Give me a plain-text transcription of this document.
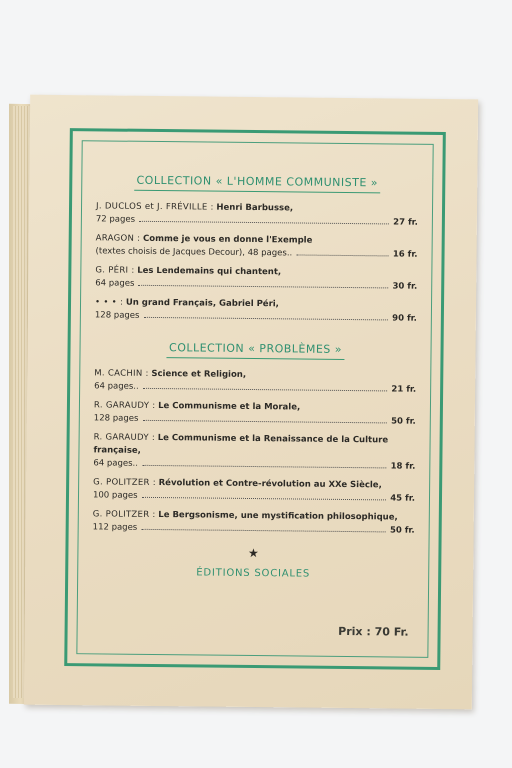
COLLECTION « L'HOMME COMMUNISTE »
J. DUCLOS et J. FRÉVILLE : Henri Barbusse,
72 pages	27 fr.
ARAGON : Comme je vous en donne l'Exemple
(textes choisis de Jacques Decour), 48 pages..	16 fr.
G. PÉRI : Les Lendemains qui chantent,
64 pages	30 fr.
• • • : Un grand Français, Gabriel Péri,
128 pages	90 fr.
COLLECTION « PROBLÈMES »
M. CACHIN : Science et Religion,
64 pages..	21 fr.
R. GARAUDY : Le Communisme et la Morale,
128 pages	50 fr.
R. GARAUDY : Le Communisme et la Renaissance de la Culture française,
64 pages..	18 fr.
G. POLITZER : Révolution et Contre-révolution au XXe Siècle,
100 pages	45 fr.
G. POLITZER : Le Bergsonisme, une mystification philosophique,
112 pages	50 fr.
★
ÉDITIONS SOCIALES
Prix : 70 Fr.
